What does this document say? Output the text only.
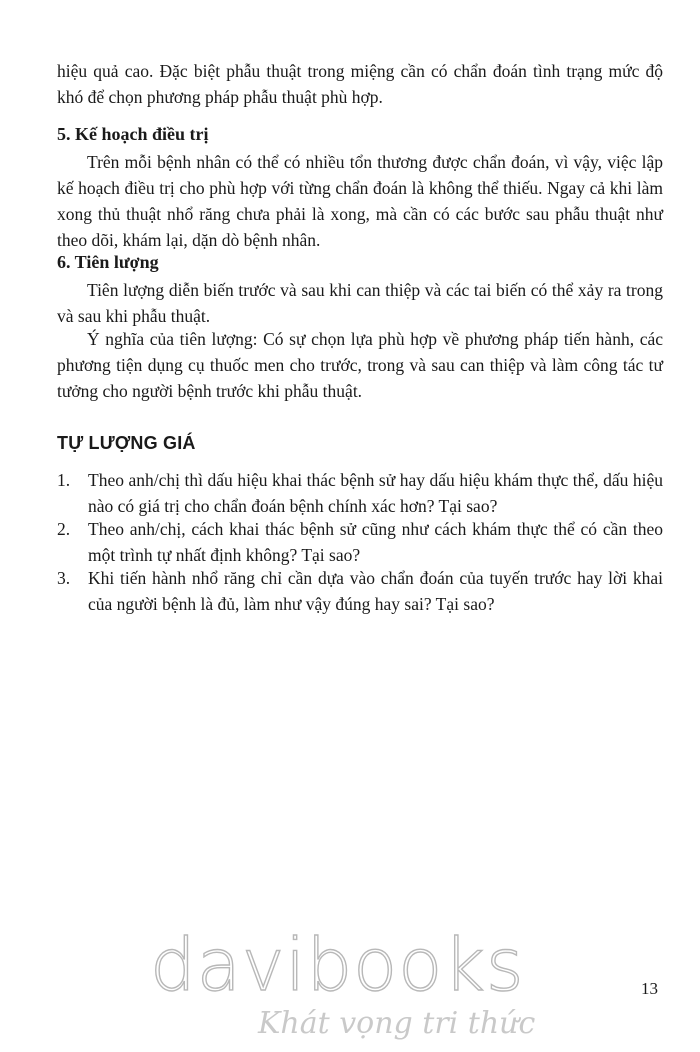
hiệu quả cao. Đặc biệt phẫu thuật trong miệng cần có chẩn đoán tình trạng mức độ khó để chọn phương pháp phẫu thuật phù hợp.

5. Kế hoạch điều trị

Trên mỗi bệnh nhân có thể có nhiều tổn thương được chẩn đoán, vì vậy, việc lập kế hoạch điều trị cho phù hợp với từng chẩn đoán là không thể thiếu. Ngay cả khi làm xong thủ thuật nhổ răng chưa phải là xong, mà cần có các bước sau phẫu thuật như theo dõi, khám lại, dặn dò bệnh nhân.

6. Tiên lượng

Tiên lượng diễn biến trước và sau khi can thiệp và các tai biến có thể xảy ra trong và sau khi phẫu thuật.

Ý nghĩa của tiên lượng: Có sự chọn lựa phù hợp về phương pháp tiến hành, các phương tiện dụng cụ thuốc men cho trước, trong và sau can thiệp và làm công tác tư tưởng cho người bệnh trước khi phẫu thuật.

TỰ LƯỢNG GIÁ
1.	Theo anh/chị thì dấu hiệu khai thác bệnh sử hay dấu hiệu khám thực thể, dấu hiệu nào có giá trị cho chẩn đoán bệnh chính xác hơn? Tại sao?
2.	Theo anh/chị, cách khai thác bệnh sử cũng như cách khám thực thể có cần theo một trình tự nhất định không? Tại sao?
3.	Khi tiến hành nhổ răng chỉ cần dựa vào chẩn đoán của tuyến trước hay lời khai của người bệnh là đủ, làm như vậy đúng hay sai? Tại sao?
davibooks
Khát vọng tri thức
13
